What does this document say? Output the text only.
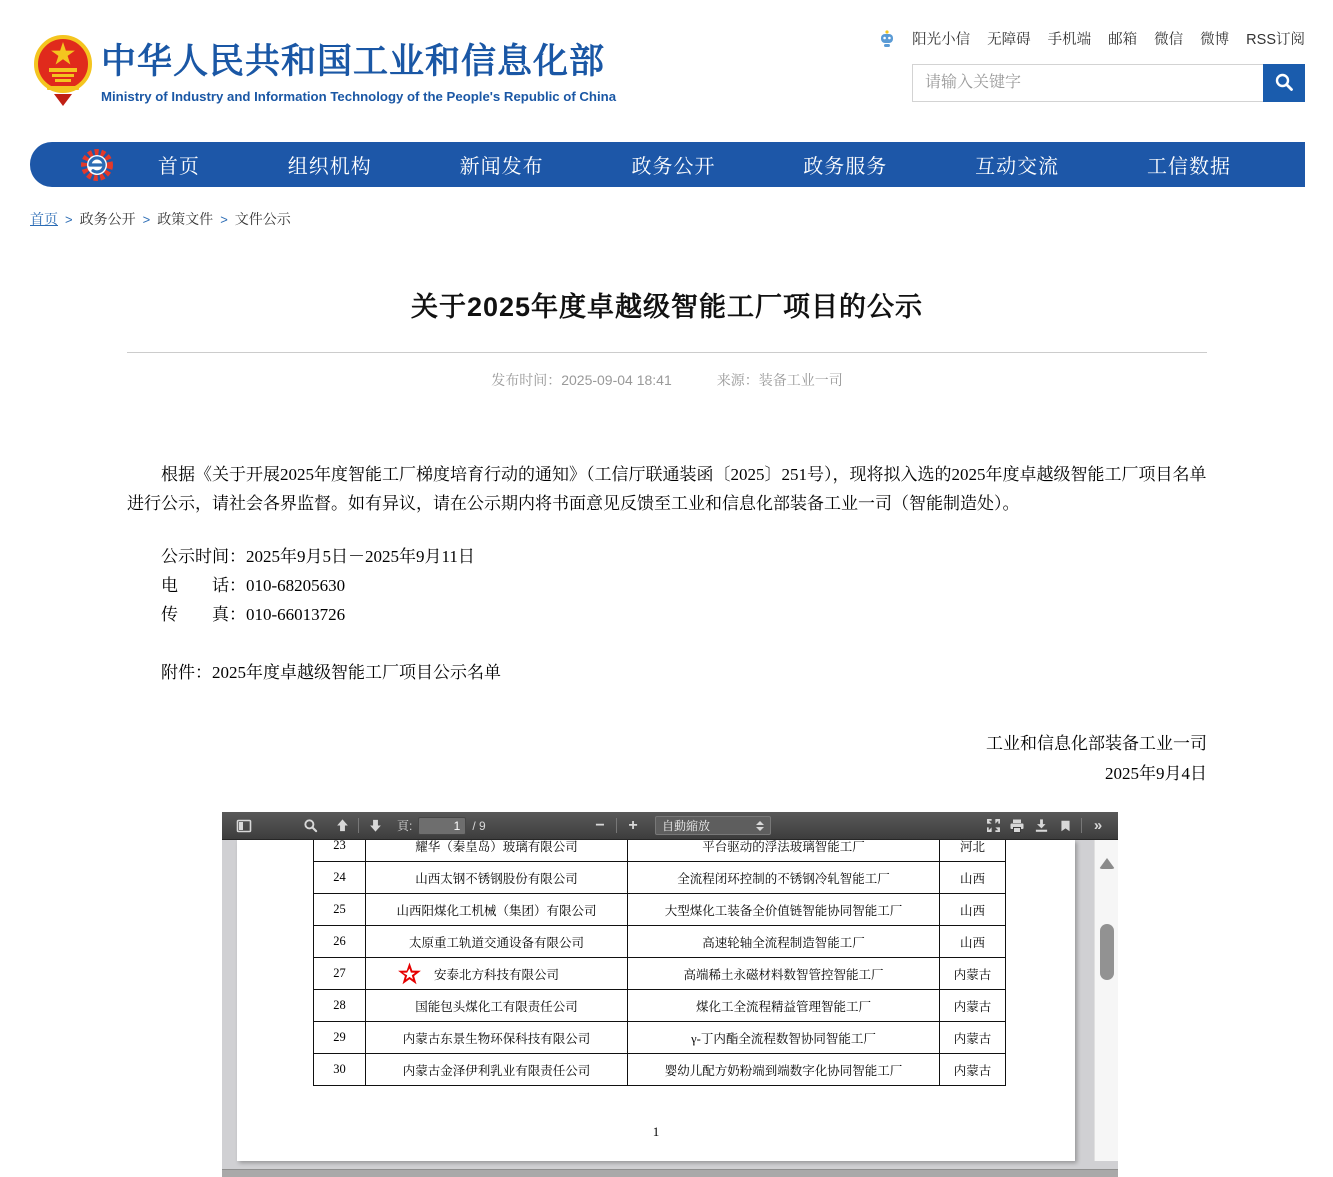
中华人民共和国工业和信息化部
Ministry of Industry and Information Technology of the People's Republic of China
阳光小信 无障碍 手机端 邮箱 微信 微博 RSS订阅
请输入关键字
首页	组织机构	新闻发布	政务公开	政务服务	互动交流	工信数据
首页 > 政务公开 > 政策文件 > 文件公示
关于2025年度卓越级智能工厂项目的公示
发布时间：2025-09-04 18:41	来源：装备工业一司

根据《关于开展2025年度智能工厂梯度培育行动的通知》（工信厅联通装函〔2025〕251号），现将拟入选的2025年度卓越级智能工厂项目名单进行公示，请社会各界监督。如有异议，请在公示期内将书面意见反馈至工业和信息化部装备工业一司（智能制造处）。

公示时间：2025年9月5日－2025年9月11日
电　　话：010-68205630
传　　真：010-66013726
附件：2025年度卓越级智能工厂项目公示名单
工业和信息化部装备工业一司
2025年9月4日
頁:
1	/ 9	− + 自動縮放	»
23	耀华（秦皇岛）玻璃有限公司	平台驱动的浮法玻璃智能工厂	河北
24	山西太钢不锈钢股份有限公司	全流程闭环控制的不锈钢冷轧智能工厂	山西
25	山西阳煤化工机械（集团）有限公司	大型煤化工装备全价值链智能协同智能工厂	山西
26	太原重工轨道交通设备有限公司	高速轮轴全流程制造智能工厂	山西
27	安泰北方科技有限公司	高端稀土永磁材料数智管控智能工厂	内蒙古
28	国能包头煤化工有限责任公司	煤化工全流程精益管理智能工厂	内蒙古
29	内蒙古东景生物环保科技有限公司	γ-丁内酯全流程数智协同智能工厂	内蒙古
30	内蒙古金泽伊利乳业有限责任公司	婴幼儿配方奶粉端到端数字化协同智能工厂	内蒙古
1
